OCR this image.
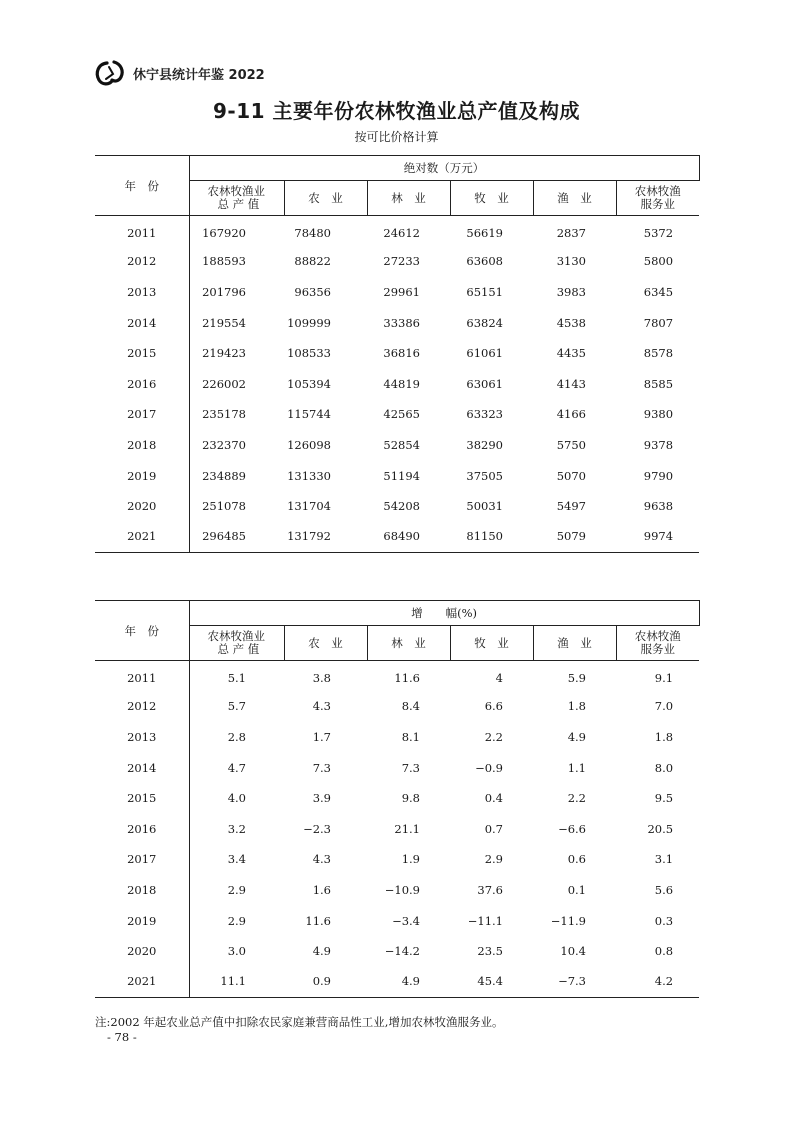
休宁县统计年鉴 2022
9-11 主要年份农林牧渔业总产值及构成
按可比价格计算
年　份	绝对数（万元）					

	农林牧渔业
总 产 值	农　业	林　业	牧　业	渔　业	农林牧渔
服务业

2011	167920	78480	24612	56619	2837	5372
2012	188593	88822	27233	63608	3130	5800
2013	201796	96356	29961	65151	3983	6345
2014	219554	109999	33386	63824	4538	7807
2015	219423	108533	36816	61061	4435	8578
2016	226002	105394	44819	63061	4143	8585
2017	235178	115744	42565	63323	4166	9380
2018	232370	126098	52854	38290	5750	9378
2019	234889	131330	51194	37505	5070	9790
2020	251078	131704	54208	50031	5497	9638
2021	296485	131792	68490	81150	5079	9974
年　份	增　　幅(%)					

	农林牧渔业
总 产 值	农　业	林　业	牧　业	渔　业	农林牧渔
服务业

2011	5.1	3.8	11.6	4	5.9	9.1
2012	5.7	4.3	8.4	6.6	1.8	7.0
2013	2.8	1.7	8.1	2.2	4.9	1.8
2014	4.7	7.3	7.3	−0.9	1.1	8.0
2015	4.0	3.9	9.8	0.4	2.2	9.5
2016	3.2	−2.3	21.1	0.7	−6.6	20.5
2017	3.4	4.3	1.9	2.9	0.6	3.1
2018	2.9	1.6	−10.9	37.6	0.1	5.6
2019	2.9	11.6	−3.4	−11.1	−11.9	0.3
2020	3.0	4.9	−14.2	23.5	10.4	0.8
2021	11.1	0.9	4.9	45.4	−7.3	4.2
注:2002 年起农业总产值中扣除农民家庭兼营商品性工业,增加农林牧渔服务业。
- 78 -
